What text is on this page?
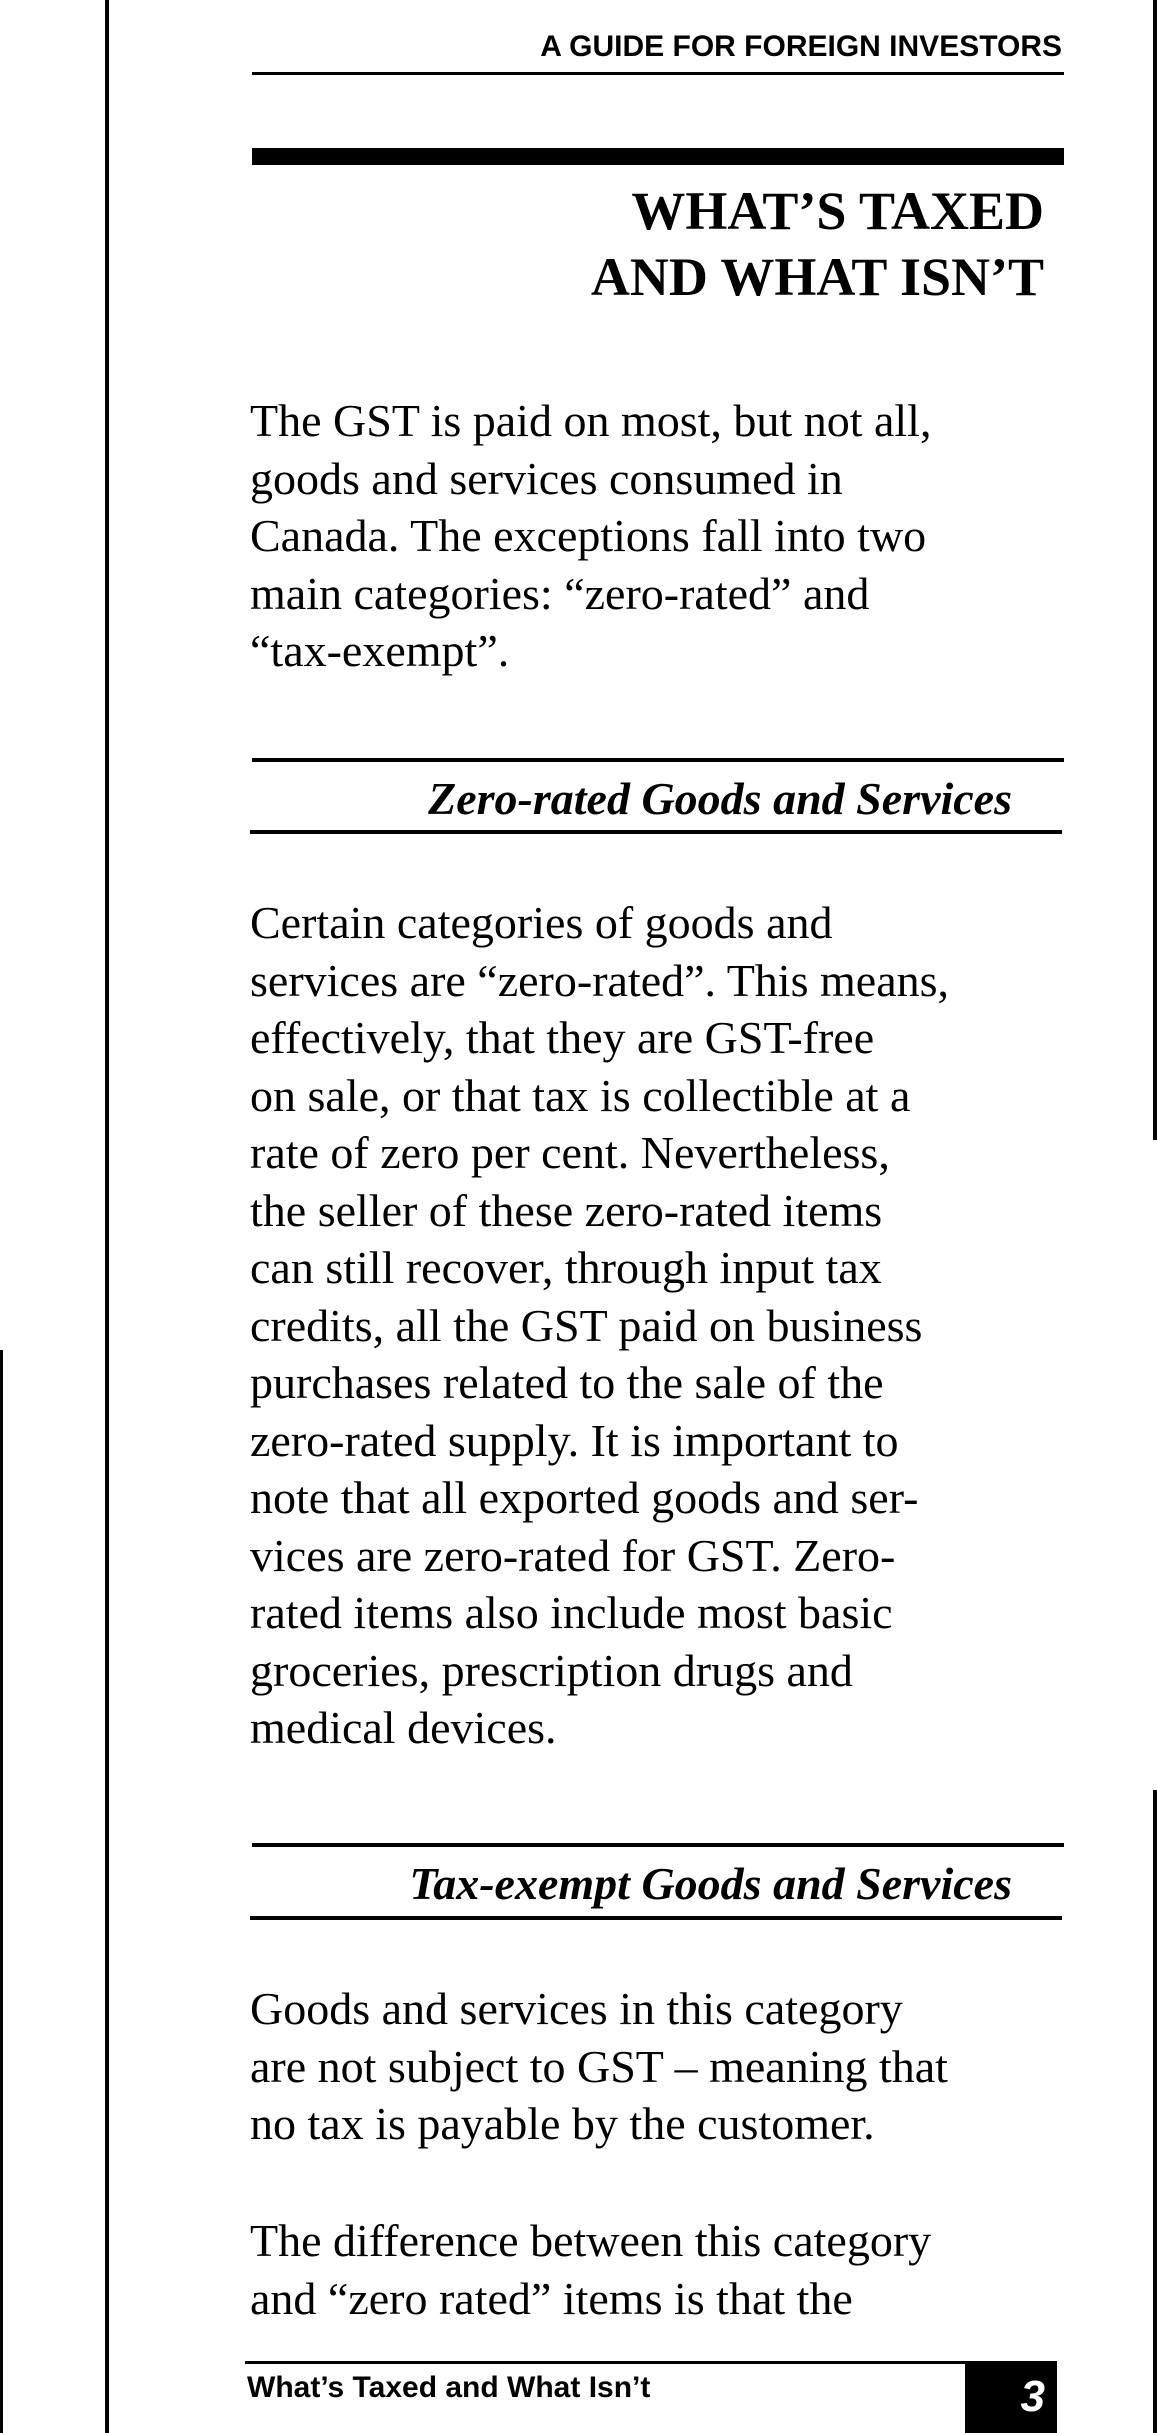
A GUIDE FOR FOREIGN INVESTORS
WHAT’S TAXED
AND WHAT ISN’T
The GST is paid on most, but not all,
goods and services consumed in
Canada. The exceptions fall into two
main categories: “zero-rated” and
“tax-exempt”.
Zero-rated Goods and Services
Certain categories of goods and
services are “zero-rated”. This means,
effectively, that they are GST-free
on sale, or that tax is collectible at a
rate of zero per cent. Nevertheless,
the seller of these zero-rated items
can still recover, through input tax
credits, all the GST paid on business
purchases related to the sale of the
zero-rated supply. It is important to
note that all exported goods and ser-
vices are zero-rated for GST. Zero-
rated items also include most basic
groceries, prescription drugs and
medical devices.
Tax-exempt Goods and Services
Goods and services in this category
are not subject to GST – meaning that
no tax is payable by the customer.
The difference between this category
and “zero rated” items is that the
What’s Taxed and What Isn’t	3
